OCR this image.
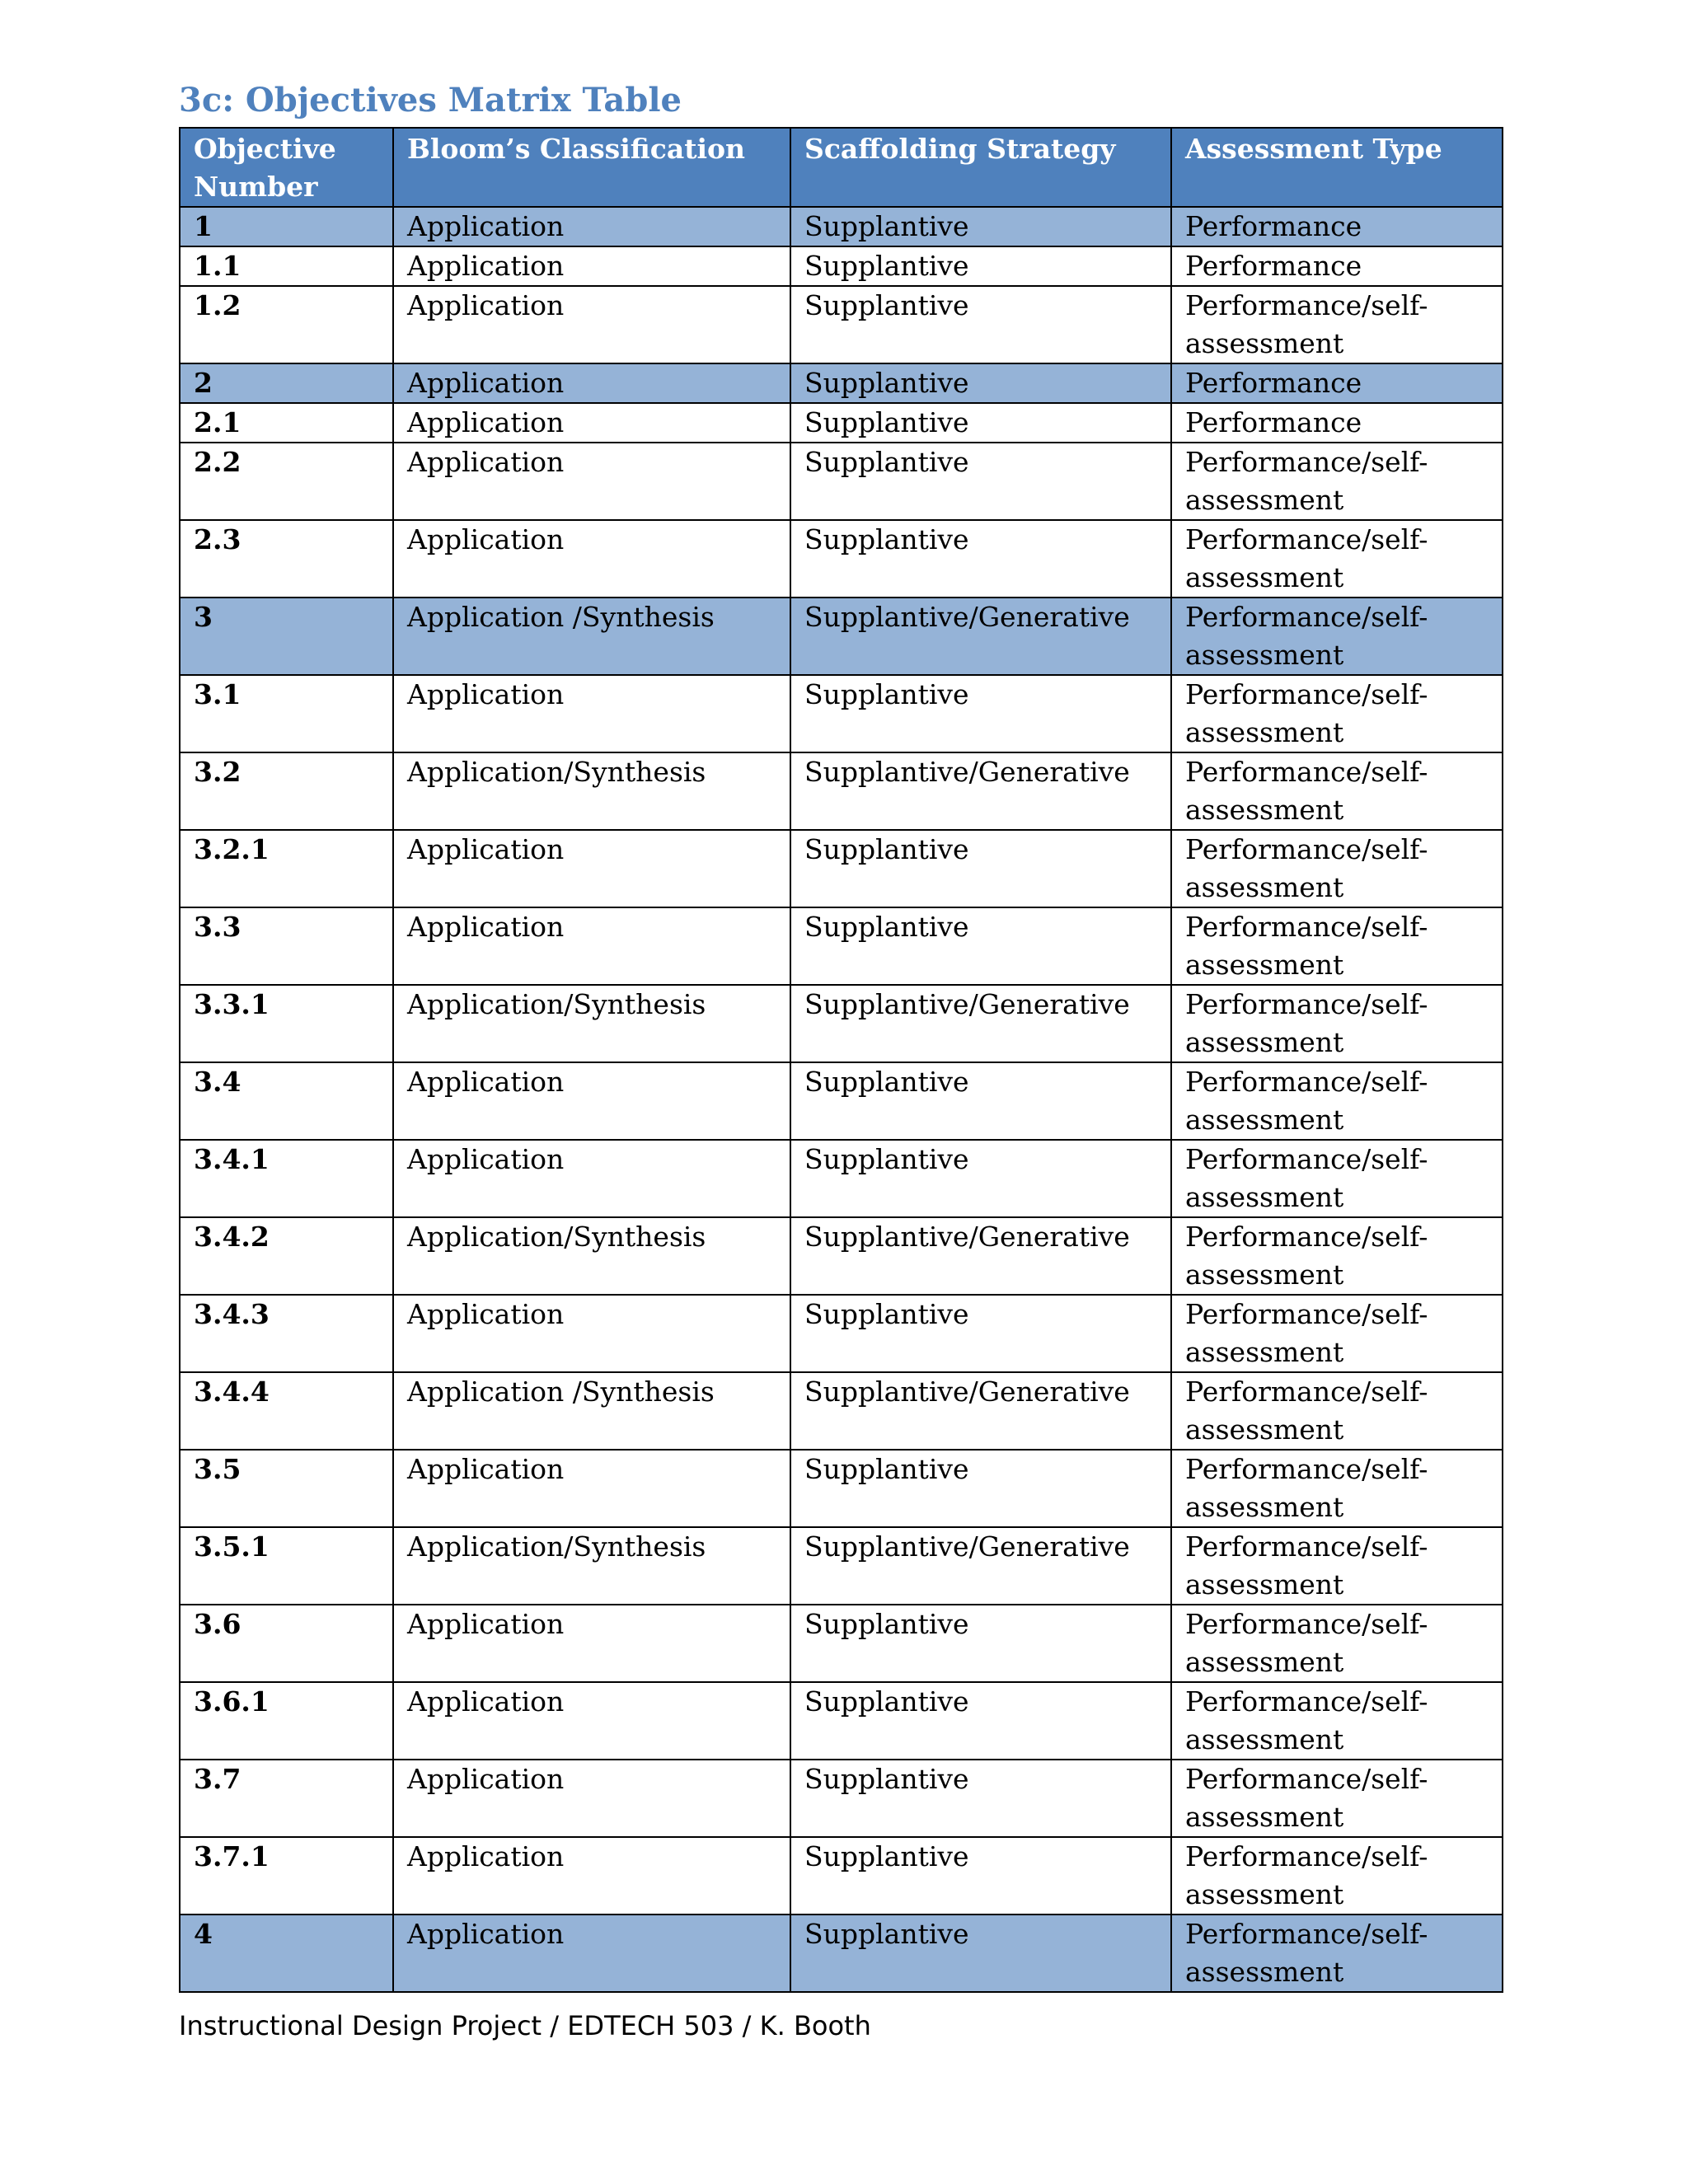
3c: Objectives Matrix Table
Objective Number	Bloom’s Classification	Scaffolding Strategy	Assessment Type
1	Application	Supplantive	Performance
1.1	Application	Supplantive	Performance
1.2	Application	Supplantive	Performance/self-assessment
2	Application	Supplantive	Performance
2.1	Application	Supplantive	Performance
2.2	Application	Supplantive	Performance/self-assessment
2.3	Application	Supplantive	Performance/self-assessment
3	Application /Synthesis	Supplantive/Generative	Performance/self-assessment
3.1	Application	Supplantive	Performance/self-assessment
3.2	Application/Synthesis	Supplantive/Generative	Performance/self-assessment
3.2.1	Application	Supplantive	Performance/self-assessment
3.3	Application	Supplantive	Performance/self-assessment
3.3.1	Application/Synthesis	Supplantive/Generative	Performance/self-assessment
3.4	Application	Supplantive	Performance/self-assessment
3.4.1	Application	Supplantive	Performance/self-assessment
3.4.2	Application/Synthesis	Supplantive/Generative	Performance/self-assessment
3.4.3	Application	Supplantive	Performance/self-assessment
3.4.4	Application /Synthesis	Supplantive/Generative	Performance/self-assessment
3.5	Application	Supplantive	Performance/self-assessment
3.5.1	Application/Synthesis	Supplantive/Generative	Performance/self-assessment
3.6	Application	Supplantive	Performance/self-assessment
3.6.1	Application	Supplantive	Performance/self-assessment
3.7	Application	Supplantive	Performance/self-assessment
3.7.1	Application	Supplantive	Performance/self-assessment
4	Application	Supplantive	Performance/self-assessment
Instructional Design Project / EDTECH 503 / K. Booth
